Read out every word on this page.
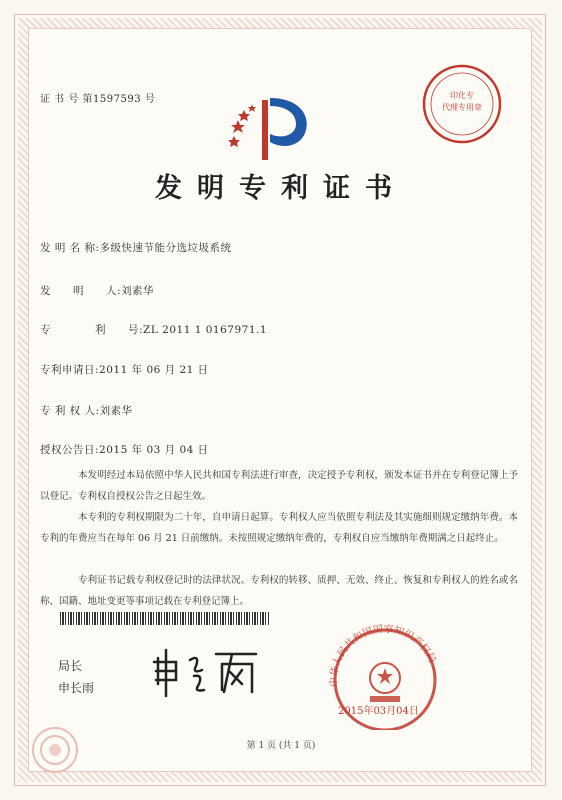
证 书 号 第1597593 号	印化专
代理专用章
发明专利证书
发 明 名 称:多级快速节能分选垃圾系统
发　　明　　人:刘素华
专　　　　利　　号:ZL 2011 1 0167971.1
专利申请日:2011 年 06 月 21 日
专 利 权 人:刘素华
授权公告日:2015 年 03 月 04 日
本发明经过本局依照中华人民共和国专利法进行审查，决定授予专利权，颁发本证书并在专利登记簿上予以登记。专利权自授权公告之日起生效。
本专利的专利权期限为二十年，自申请日起算。专利权人应当依照专利法及其实施细则规定缴纳年费。本专利的年费应当在每年 06 月 21 日前缴纳。未按照规定缴纳年费的，专利权自应当缴纳年费期满之日起终止。
专利证书记载专利权登记时的法律状况。专利权的转移、质押、无效、终止、恢复和专利权人的姓名或名称、国籍、地址变更等事项记载在专利登记簿上。
局长
申长雨	中华人民共和国国家知识产权局
2015年03月04日
第 1 页 (共 1 页)
